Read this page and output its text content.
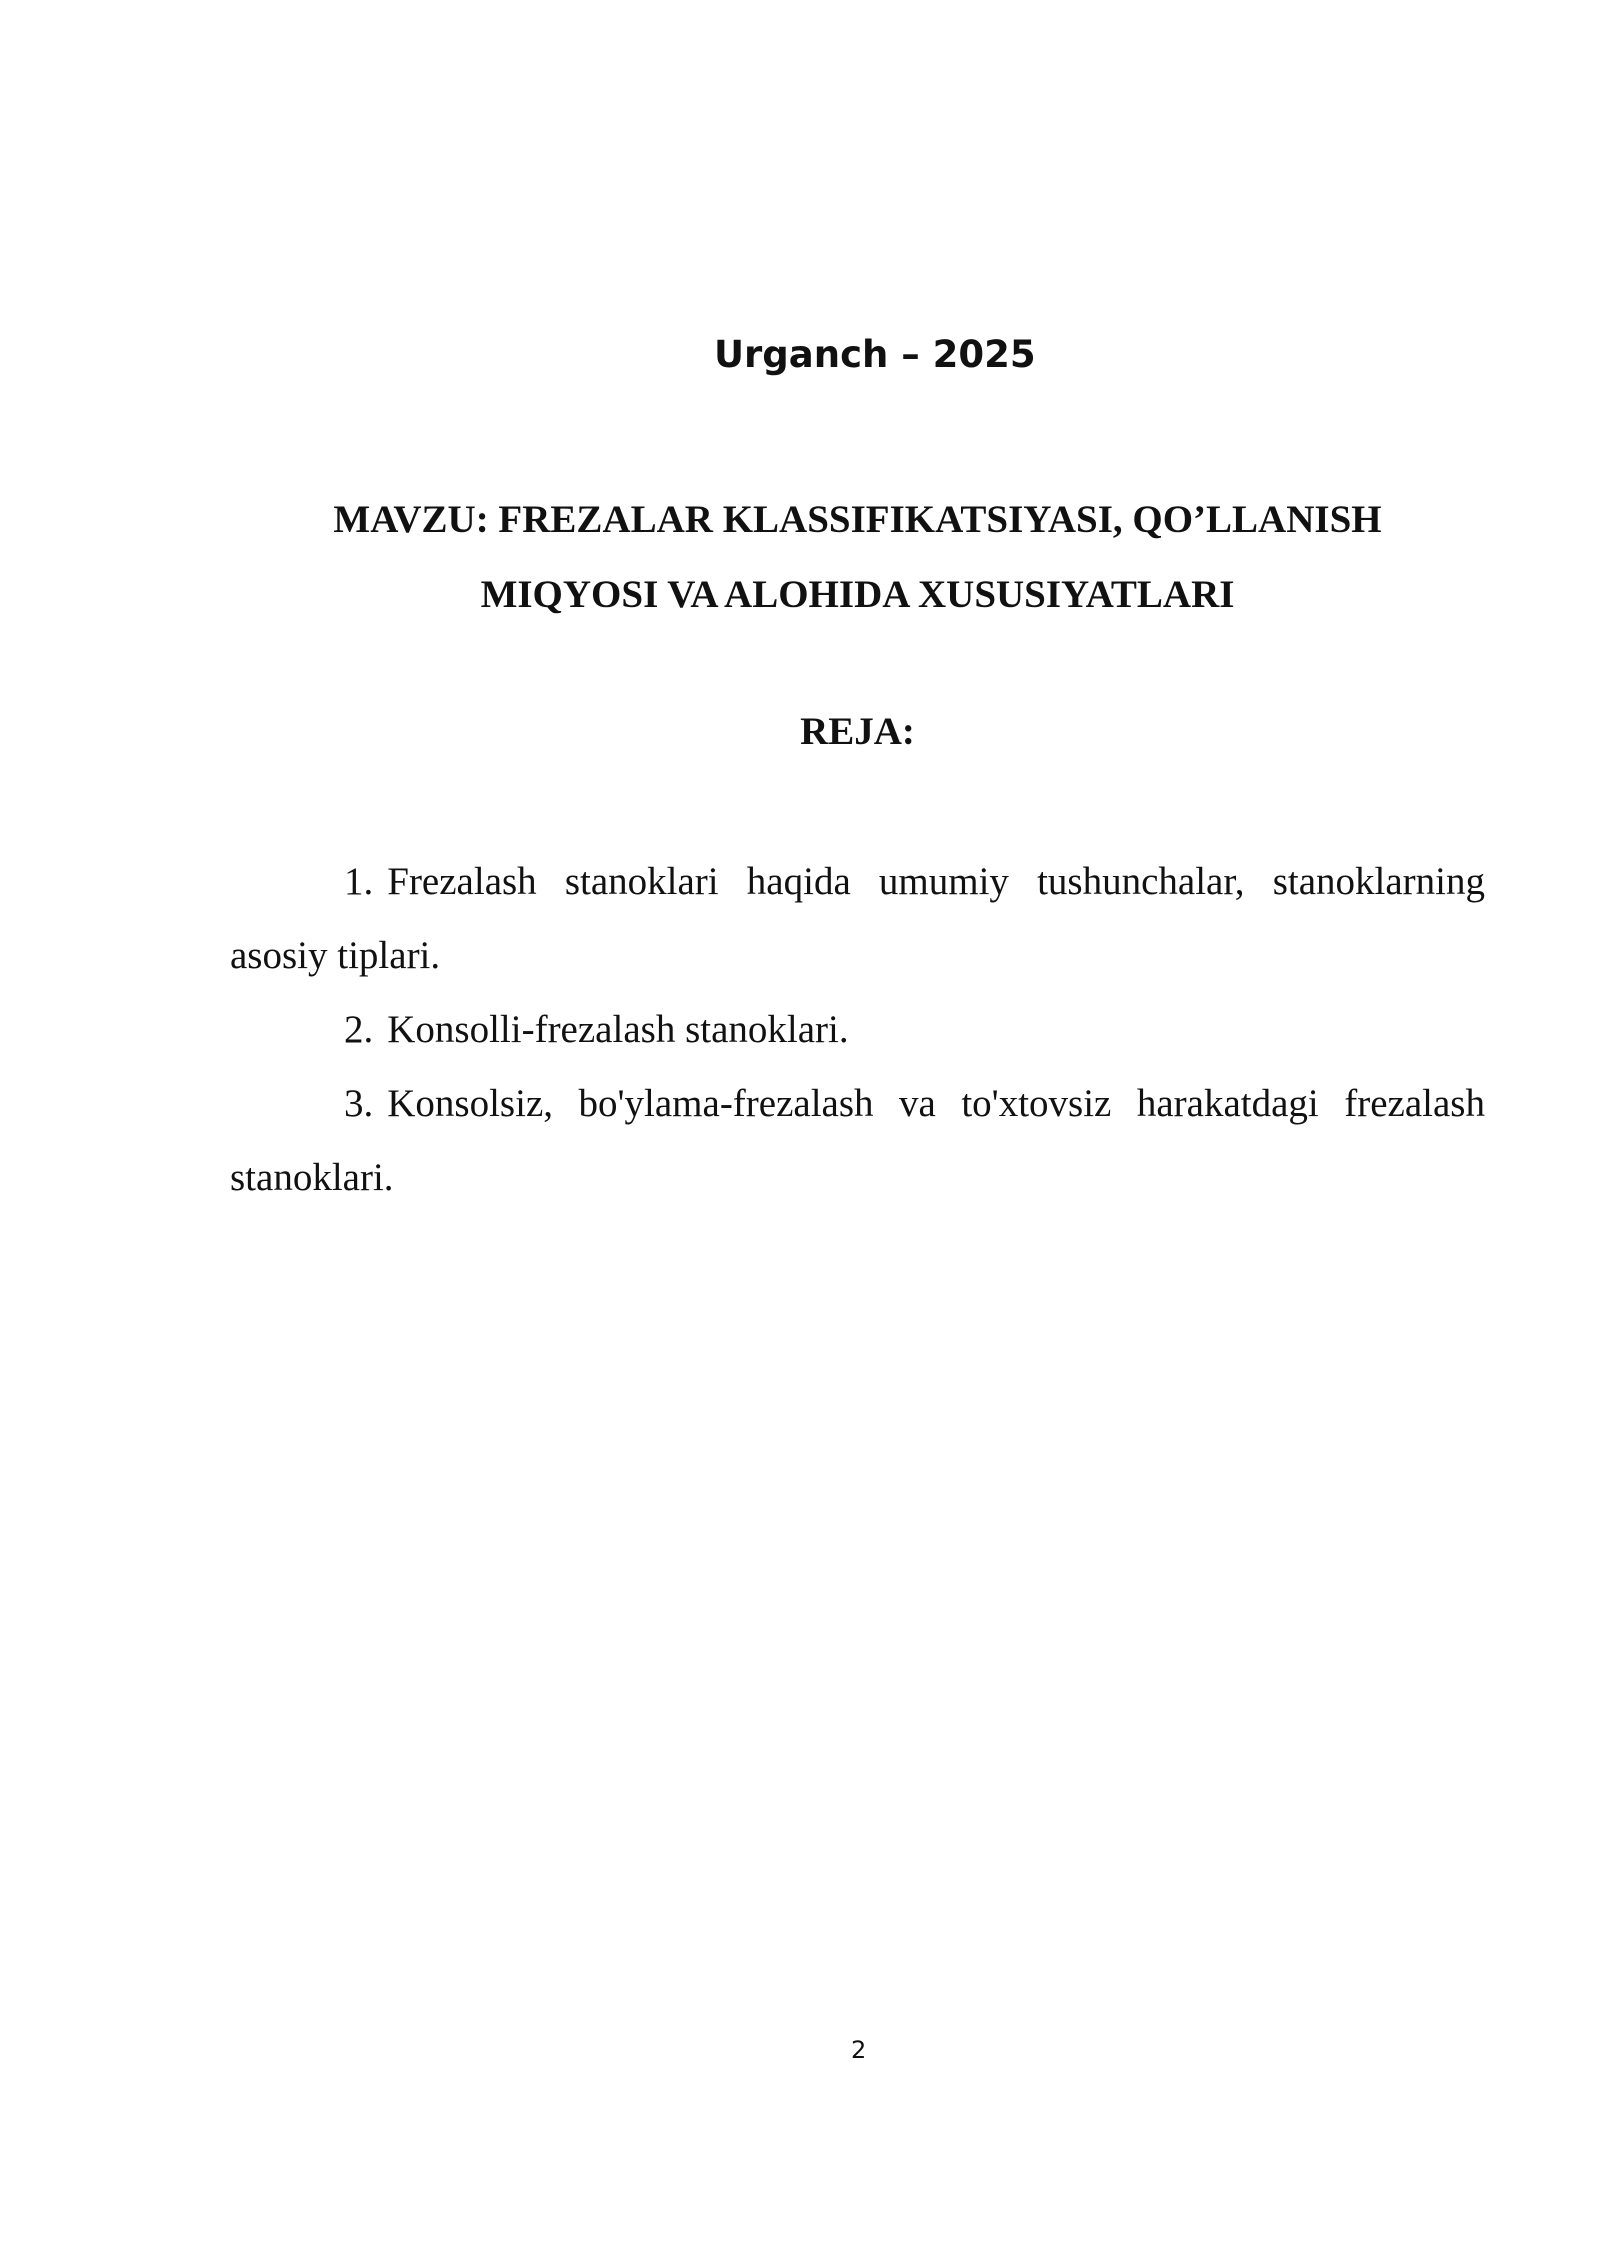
Urganch – 2025
MAVZU: FREZALAR KLASSIFIKATSIYASI, QO’LLANISH
MIQYOSI VA ALOHIDA XUSUSIYATLARI
REJA:
1. Frezalash stanoklari haqida umumiy tushunchalar, stanoklarning asosiy tiplari.
2. Konsolli-frezalash stanoklari.
3. Konsolsiz, bo'ylama-frezalash va to'xtovsiz harakatdagi frezalash stanoklari.
2
